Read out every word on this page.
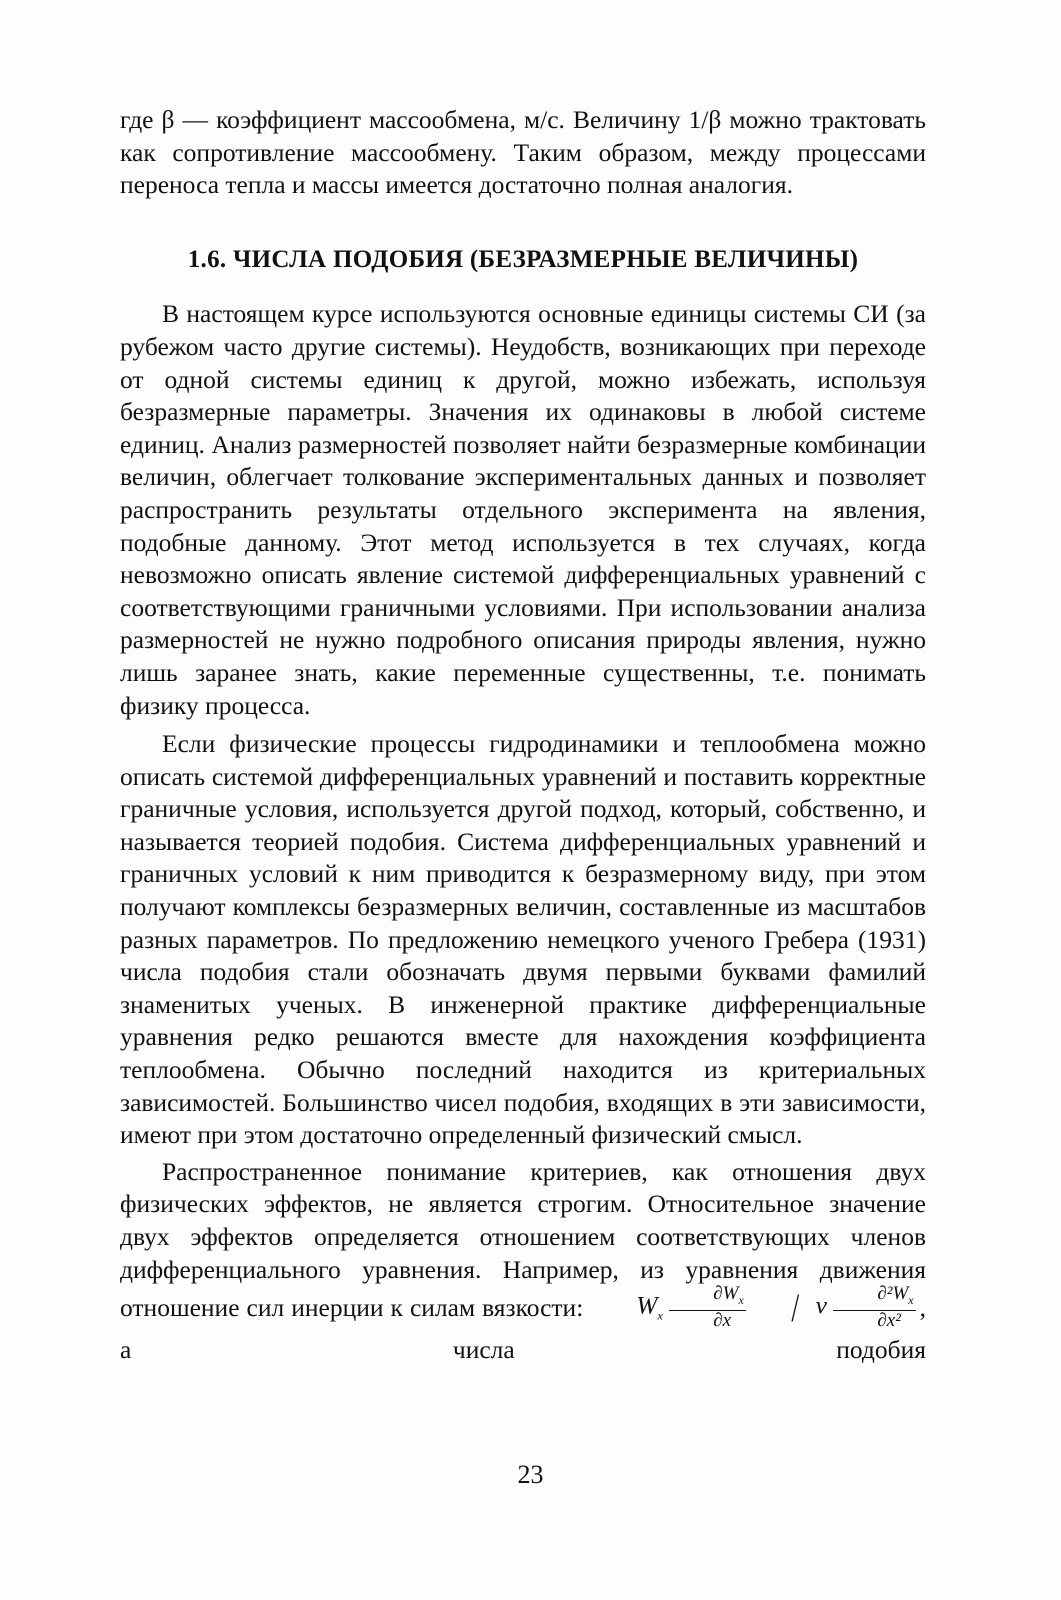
где β — коэффициент массообмена, м/с. Величину 1/β можно трактовать как сопротивление массообмену. Таким образом, между процессами переноса тепла и массы имеется достаточно полная аналогия.

1.6. ЧИСЛА ПОДОБИЯ (БЕЗРАЗМЕРНЫЕ ВЕЛИЧИНЫ)

В настоящем курсе используются основные единицы системы СИ (за рубежом часто другие системы). Неудобств, возникающих при переходе от одной системы единиц к другой, можно избежать, используя безразмерные параметры. Значения их одинаковы в любой системе единиц. Анализ размерностей позволяет найти безразмерные комбинации величин, облегчает толкование экспериментальных данных и позволяет распространить результаты отдельного эксперимента на явления, подобные данному. Этот метод используется в тех случаях, когда невозможно описать явление системой дифференциальных уравнений с соответствующими граничными условиями. При использовании анализа размерностей не нужно подробного описания природы явления, нужно лишь заранее знать, какие переменные существенны, т.е. понимать физику процесса.

Если физические процессы гидродинамики и теплообмена можно описать системой дифференциальных уравнений и поставить корректные граничные условия, используется другой подход, который, собственно, и называется теорией подобия. Система дифференциальных уравнений и граничных условий к ним приводится к безразмерному виду, при этом получают комплексы безразмерных величин, составленные из масштабов разных параметров. По предложению немецкого ученого Гребера (1931) числа подобия стали обозначать двумя первыми буквами фамилий знаменитых ученых. В инженерной практике дифференциальные уравнения редко решаются вместе для нахождения коэффициента теплообмена. Обычно последний находится из критериальных зависимостей. Большинство чисел подобия, входящих в эти зависимости, имеют при этом достаточно определенный физический смысл.

Распространенное понимание критериев, как отношения двух физических эффектов, не является строгим. Относительное значение двух эффектов определяется отношением соответствующих членов дифференциального уравнения. Например, из уравнения движения отношение сил инерции к силам вязкости: $W_x \frac{\partial W_x}{\partial x}$ / ν $\frac{\partial^2W_x}{\text{∂x²}}$ , а числа подобия

23
